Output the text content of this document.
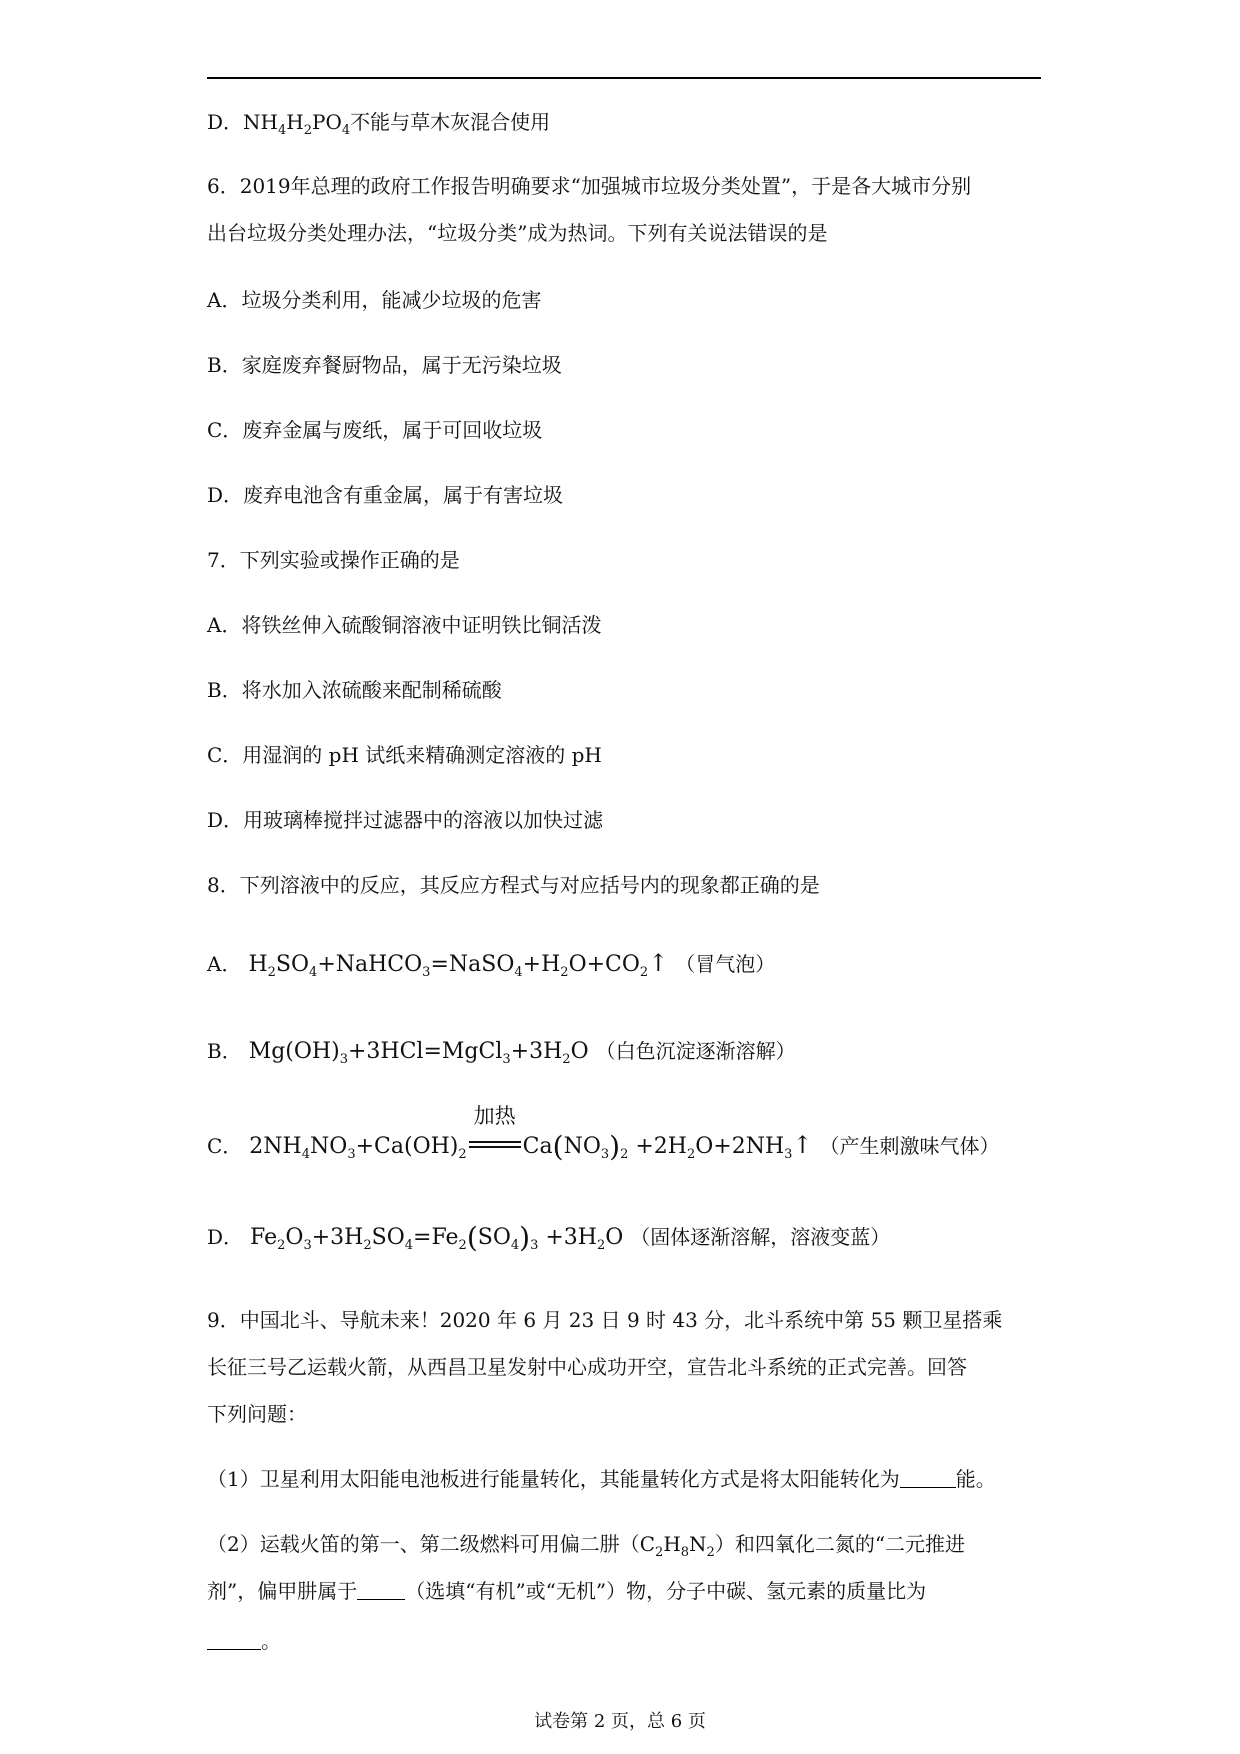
D．$NH_4H_2PO_4$不能与草木灰混合使用
6．2019年总理的政府工作报告明确要求“加强城市垃圾分类处置”，于是各大城市分别
出台垃圾分类处理办法，“垃圾分类”成为热词。下列有关说法错误的是
A．垃圾分类利用，能减少垃圾的危害
B．家庭废弃餐厨物品，属于无污染垃圾
C．废弃金属与废纸，属于可回收垃圾
D．废弃电池含有重金属，属于有害垃圾
7．下列实验或操作正确的是
A．将铁丝伸入硫酸铜溶液中证明铁比铜活泼
B．将水加入浓硫酸来配制稀硫酸
C．用湿润的 pH 试纸来精确测定溶液的 pH
D．用玻璃棒搅拌过滤器中的溶液以加快过滤
8．下列溶液中的反应，其反应方程式与对应括号内的现象都正确的是
A． $H_2SO_4+NaHCO_3=NaSO_4+H_2O+CO_2↑$ （冒气泡）
B． $Mg(OH)_3+3HCl=MgCl_3+3H_2O$ （白色沉淀逐渐溶解）
C． $2NH_4NO_3+Ca(OH)_2$
加热
$Ca(NO_3)_2$ $+2H_2O+2NH_3↑$ （产生刺激味气体）
D． $Fe_2O_3+3H_2SO_4=Fe_2(SO_4)_3 +3H_2O$ （固体逐渐溶解，溶液变蓝）
9．中国北斗、导航未来！2020 年 6 月 23 日 9 时 43 分，北斗系统中第 55 颗卫星搭乘
长征三号乙运载火箭，从西昌卫星发射中心成功开空，宣告北斗系统的正式完善。回答
下列问题：
（1）卫星利用太阳能电池板进行能量转化，其能量转化方式是将太阳能转化为	能。
（2）运载火笛的第一、第二级燃料可用偏二肼$(C_2H_8N_2)$和四氧化二氮的“二元推进
剂”，偏甲肼属于 （选填“有机”或“无机”）物，分子中碳、氢元素的质量比为
。
试卷第 2 页，总 6 页
